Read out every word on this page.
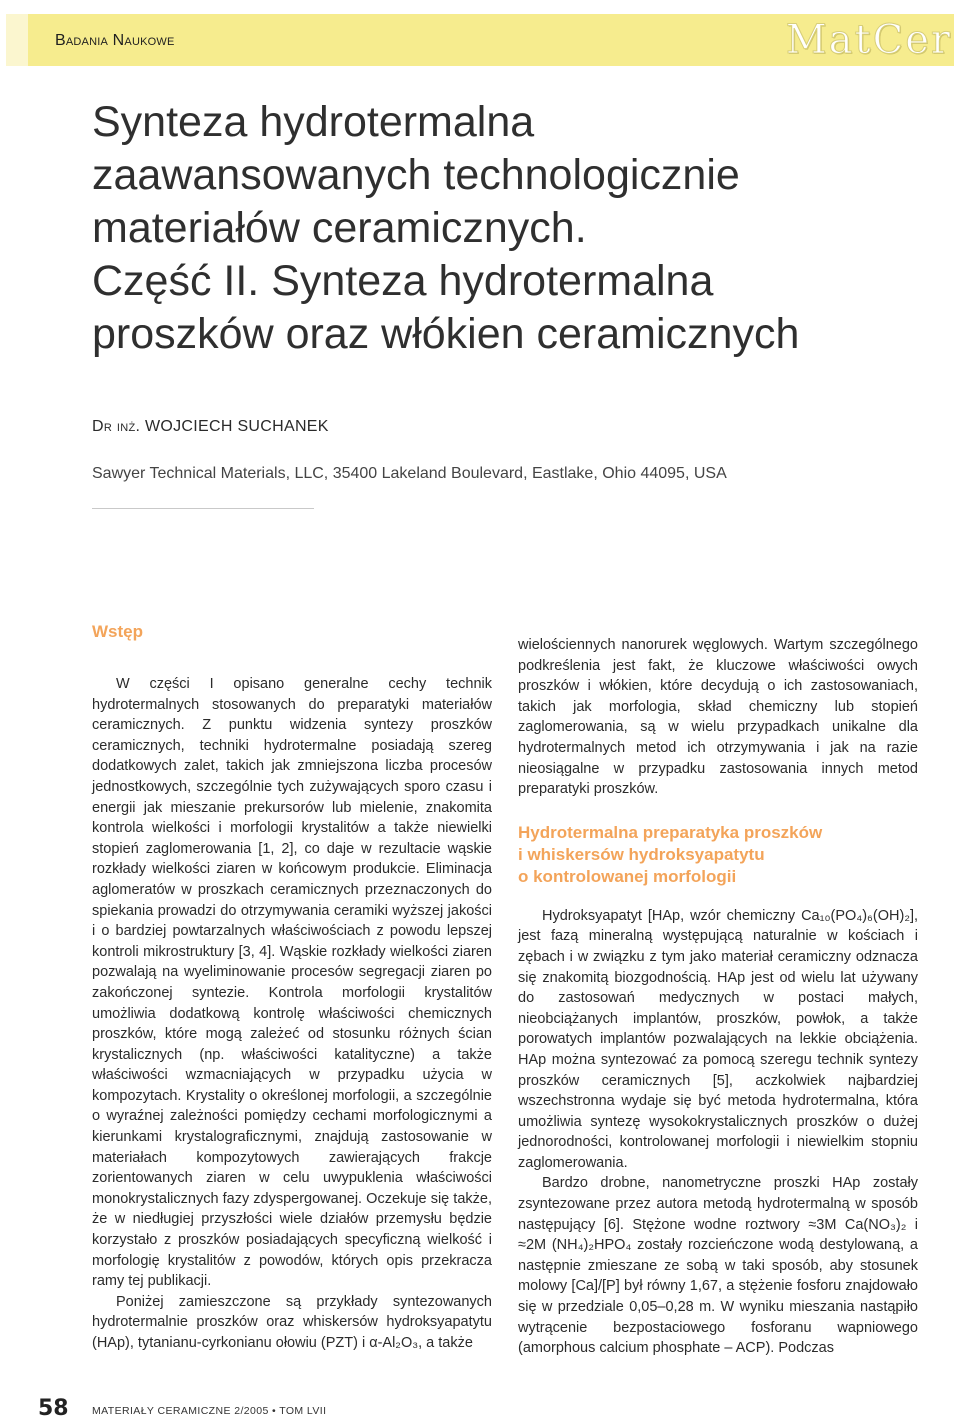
Badania Naukowe	MatCer
Synteza hydrotermalna
zaawansowanych technologicznie
materiałów ceramicznych.
Część II. Synteza hydrotermalna
proszków oraz włókien ceramicznych
Dr inż. WOJCIECH SUCHANEK
Sawyer Technical Materials, LLC, 35400 Lakeland Boulevard, Eastlake, Ohio 44095, USA
Wstęp

W części I opisano generalne cechy technik hydrotermalnych stosowanych do preparatyki materiałów ceramicznych. Z punktu widzenia syntezy proszków ceramicznych, techniki hydrotermalne posiadają szereg dodatkowych zalet, takich jak zmniejszona liczba procesów jednostkowych, szczególnie tych zużywających sporo czasu i energii jak mieszanie prekursorów lub mielenie, znakomita kontrola wielkości i morfologii krystalitów a także niewielki stopień zaglomerowania [1, 2], co daje w rezultacie wąskie rozkłady wielkości ziaren w końcowym produkcie. Eliminacja aglomeratów w proszkach ceramicznych przeznaczonych do spiekania prowadzi do otrzymywania ceramiki wyższej jakości i o bardziej powtarzalnych właściwościach z powodu lepszej kontroli mikrostruktury [3, 4]. Wąskie rozkłady wielkości ziaren pozwalają na wyeliminowanie procesów segregacji ziaren po zakończonej syntezie. Kontrola morfologii krystalitów umożliwia dodatkową kontrolę właściwości chemicznych proszków, które mogą zależeć od stosunku różnych ścian krystalicznych (np. właściwości katalityczne) a także właściwości wzmacniających w przypadku użycia w kompozytach. Krystality o określonej morfologii, a szczególnie o wyraźnej zależności pomiędzy cechami morfologicznymi a kierunkami krystalograficznymi, znajdują zastosowanie w materiałach kompozytowych zawierających frakcje zorientowanych ziaren w celu uwypuklenia właściwości monokrystalicznych fazy zdyspergowanej. Oczekuje się także, że w niedługiej przyszłości wiele działów przemysłu będzie korzystało z proszków posiadających specyficzną wielkość i morfologię krystalitów z powodów, których opis przekracza ramy tej publikacji.

Poniżej zamieszczone są przykłady syntezowanych hydrotermalnie proszków oraz whiskersów hydroksyapatytu (HAp), tytanianu-cyrkonianu ołowiu (PZT) i α-Al₂O₃, a także

wielościennych nanorurek węglowych. Wartym szczególnego podkreślenia jest fakt, że kluczowe właściwości owych proszków i włókien, które decydują o ich zastosowaniach, takich jak morfologia, skład chemiczny lub stopień zaglomerowania, są w wielu przypadkach unikalne dla hydrotermalnych metod ich otrzymywania i jak na razie nieosiągalne w przypadku zastosowania innych metod preparatyki proszków.

Hydrotermalna preparatyka proszków
i whiskersów hydroksyapatytu
o kontrolowanej morfologii

Hydroksyapatyt [HAp, wzór chemiczny Ca₁₀(PO₄)₆(OH)₂], jest fazą mineralną występującą naturalnie w kościach i zębach i w związku z tym jako materiał ceramiczny odznacza się znakomitą biozgodnością. HAp jest od wielu lat używany do zastosowań medycznych w postaci małych, nieobciążanych implantów, proszków, powłok, a także porowatych implantów pozwalających na lekkie obciążenia. HAp można syntezować za pomocą szeregu technik syntezy proszków ceramicznych [5], aczkolwiek najbardziej wszechstronna wydaje się być metoda hydrotermalna, która umożliwia syntezę wysokokrystalicznych proszków o dużej jednorodności, kontrolowanej morfologii i niewielkim stopniu zaglomerowania.

Bardzo drobne, nanometryczne proszki HAp zostały zsyntezowane przez autora metodą hydrotermalną w sposób następujący [6]. Stężone wodne roztwory ≈3M Ca(NO₃)₂ i ≈2M (NH₄)₂HPO₄ zostały rozcieńczone wodą destylowaną, a następnie zmieszane ze sobą w taki sposób, aby stosunek molowy [Ca]/[P] był równy 1,67, a stężenie fosforu znajdowało się w przedziale 0,05–0,28 m. W wyniku mieszania nastąpiło wytrącenie bezpostaciowego fosforanu wapniowego (amorphous calcium phosphate – ACP). Podczas

58 MATERIAŁY CERAMICZNE 2/2005 • TOM LVII
